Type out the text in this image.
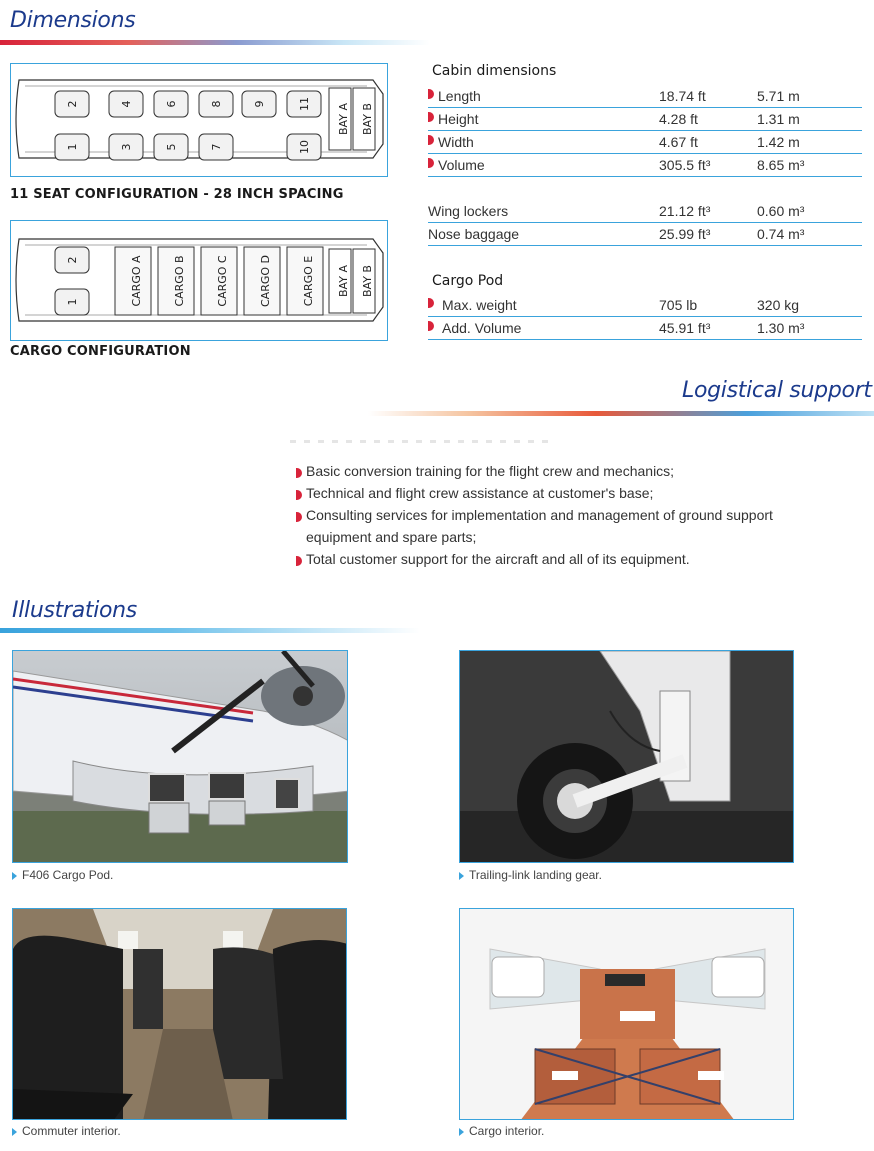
Dimensions
2	4	6	8	9	11
1	3	5	7	10
BAY A BAY B
11 SEAT CONFIGURATION - 28 INCH SPACING
2
1	CARGO A	CARGO B	CARGO C	CARGO D	CARGO E BAY A BAY B
CARGO CONFIGURATION
Cabin dimensions
Length	18.74 ft	5.71 m
Height	4.28 ft	1.31 m
Width	4.67 ft	1.42 m
Volume	305.5 ft³	8.65 m³
Wing lockers	21.12 ft³	0.60 m³
Nose baggage	25.99 ft³	0.74 m³
Cargo Pod
Max. weight	705 lb	320 kg
Add. Volume	45.91 ft³	1.30 m³
Logistical support
Basic conversion training for the flight crew and mechanics;
Technical and flight crew assistance at customer's base;
Consulting services for implementation and management of ground support
equipment and spare parts;
Total customer support for the aircraft and all of its equipment.
Illustrations
F406 Cargo Pod.	Trailing-link landing gear.
Commuter interior.	Cargo interior.
